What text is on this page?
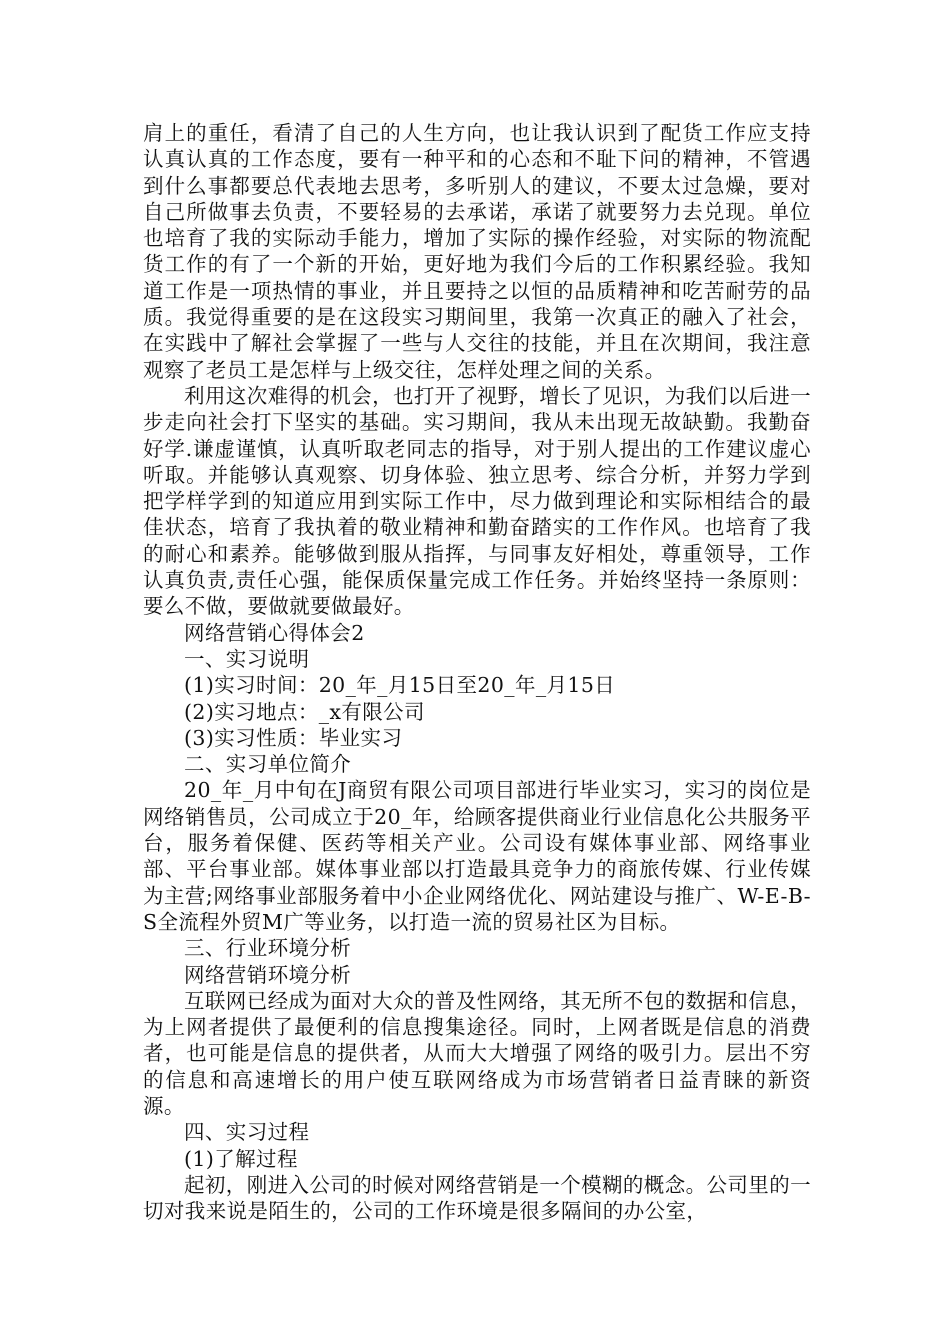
肩上的重任，看清了自己的人生方向，也让我认识到了配货工作应支持认真认真的工作态度，要有一种平和的心态和不耻下问的精神，不管遇到什么事都要总代表地去思考，多听别人的建议，不要太过急燥，要对自己所做事去负责，不要轻易的去承诺，承诺了就要努力去兑现。单位也培育了我的实际动手能力，增加了实际的操作经验，对实际的物流配货工作的有了一个新的开始，更好地为我们今后的工作积累经验。我知道工作是一项热情的事业，并且要持之以恒的品质精神和吃苦耐劳的品质。我觉得重要的是在这段实习期间里，我第一次真正的融入了社会，在实践中了解社会掌握了一些与人交往的技能，并且在次期间，我注意观察了老员工是怎样与上级交往，怎样处理之间的关系。

利用这次难得的机会，也打开了视野，增长了见识，为我们以后进一步走向社会打下坚实的基础。实习期间，我从未出现无故缺勤。我勤奋好学.谦虚谨慎，认真听取老同志的指导，对于别人提出的工作建议虚心听取。并能够认真观察、切身体验、独立思考、综合分析，并努力学到把学样学到的知道应用到实际工作中，尽力做到理论和实际相结合的最佳状态，培育了我执着的敬业精神和勤奋踏实的工作作风。也培育了我的耐心和素养。能够做到服从指挥，与同事友好相处，尊重领导，工作认真负责,责任心强，能保质保量完成工作任务。并始终坚持一条原则：要么不做，要做就要做最好。

网络营销心得体会2

一、实习说明

(1)实习时间：20_年_月15日至20_年_月15日

(2)实习地点：_x有限公司

(3)实习性质：毕业实习

二、实习单位简介

20_年_月中旬在J商贸有限公司项目部进行毕业实习，实习的岗位是网络销售员，公司成立于20_年，给顾客提供商业行业信息化公共服务平台，服务着保健、医药等相关产业。公司设有媒体事业部、网络事业部、平台事业部。媒体事业部以打造最具竞争力的商旅传媒、行业传媒为主营;网络事业部服务着中小企业网络优化、网站建设与推广、W-E-B-S全流程外贸M广等业务，以打造一流的贸易社区为目标。

三、行业环境分析

网络营销环境分析

互联网已经成为面对大众的普及性网络，其无所不包的数据和信息，为上网者提供了最便利的信息搜集途径。同时，上网者既是信息的消费者，也可能是信息的提供者，从而大大增强了网络的吸引力。层出不穷的信息和高速增长的用户使互联网络成为市场营销者日益青睐的新资源。

四、实习过程

(1)了解过程

起初，刚进入公司的时候对网络营销是一个模糊的概念。公司里的一切对我来说是陌生的，公司的工作环境是很多隔间的办公室，
